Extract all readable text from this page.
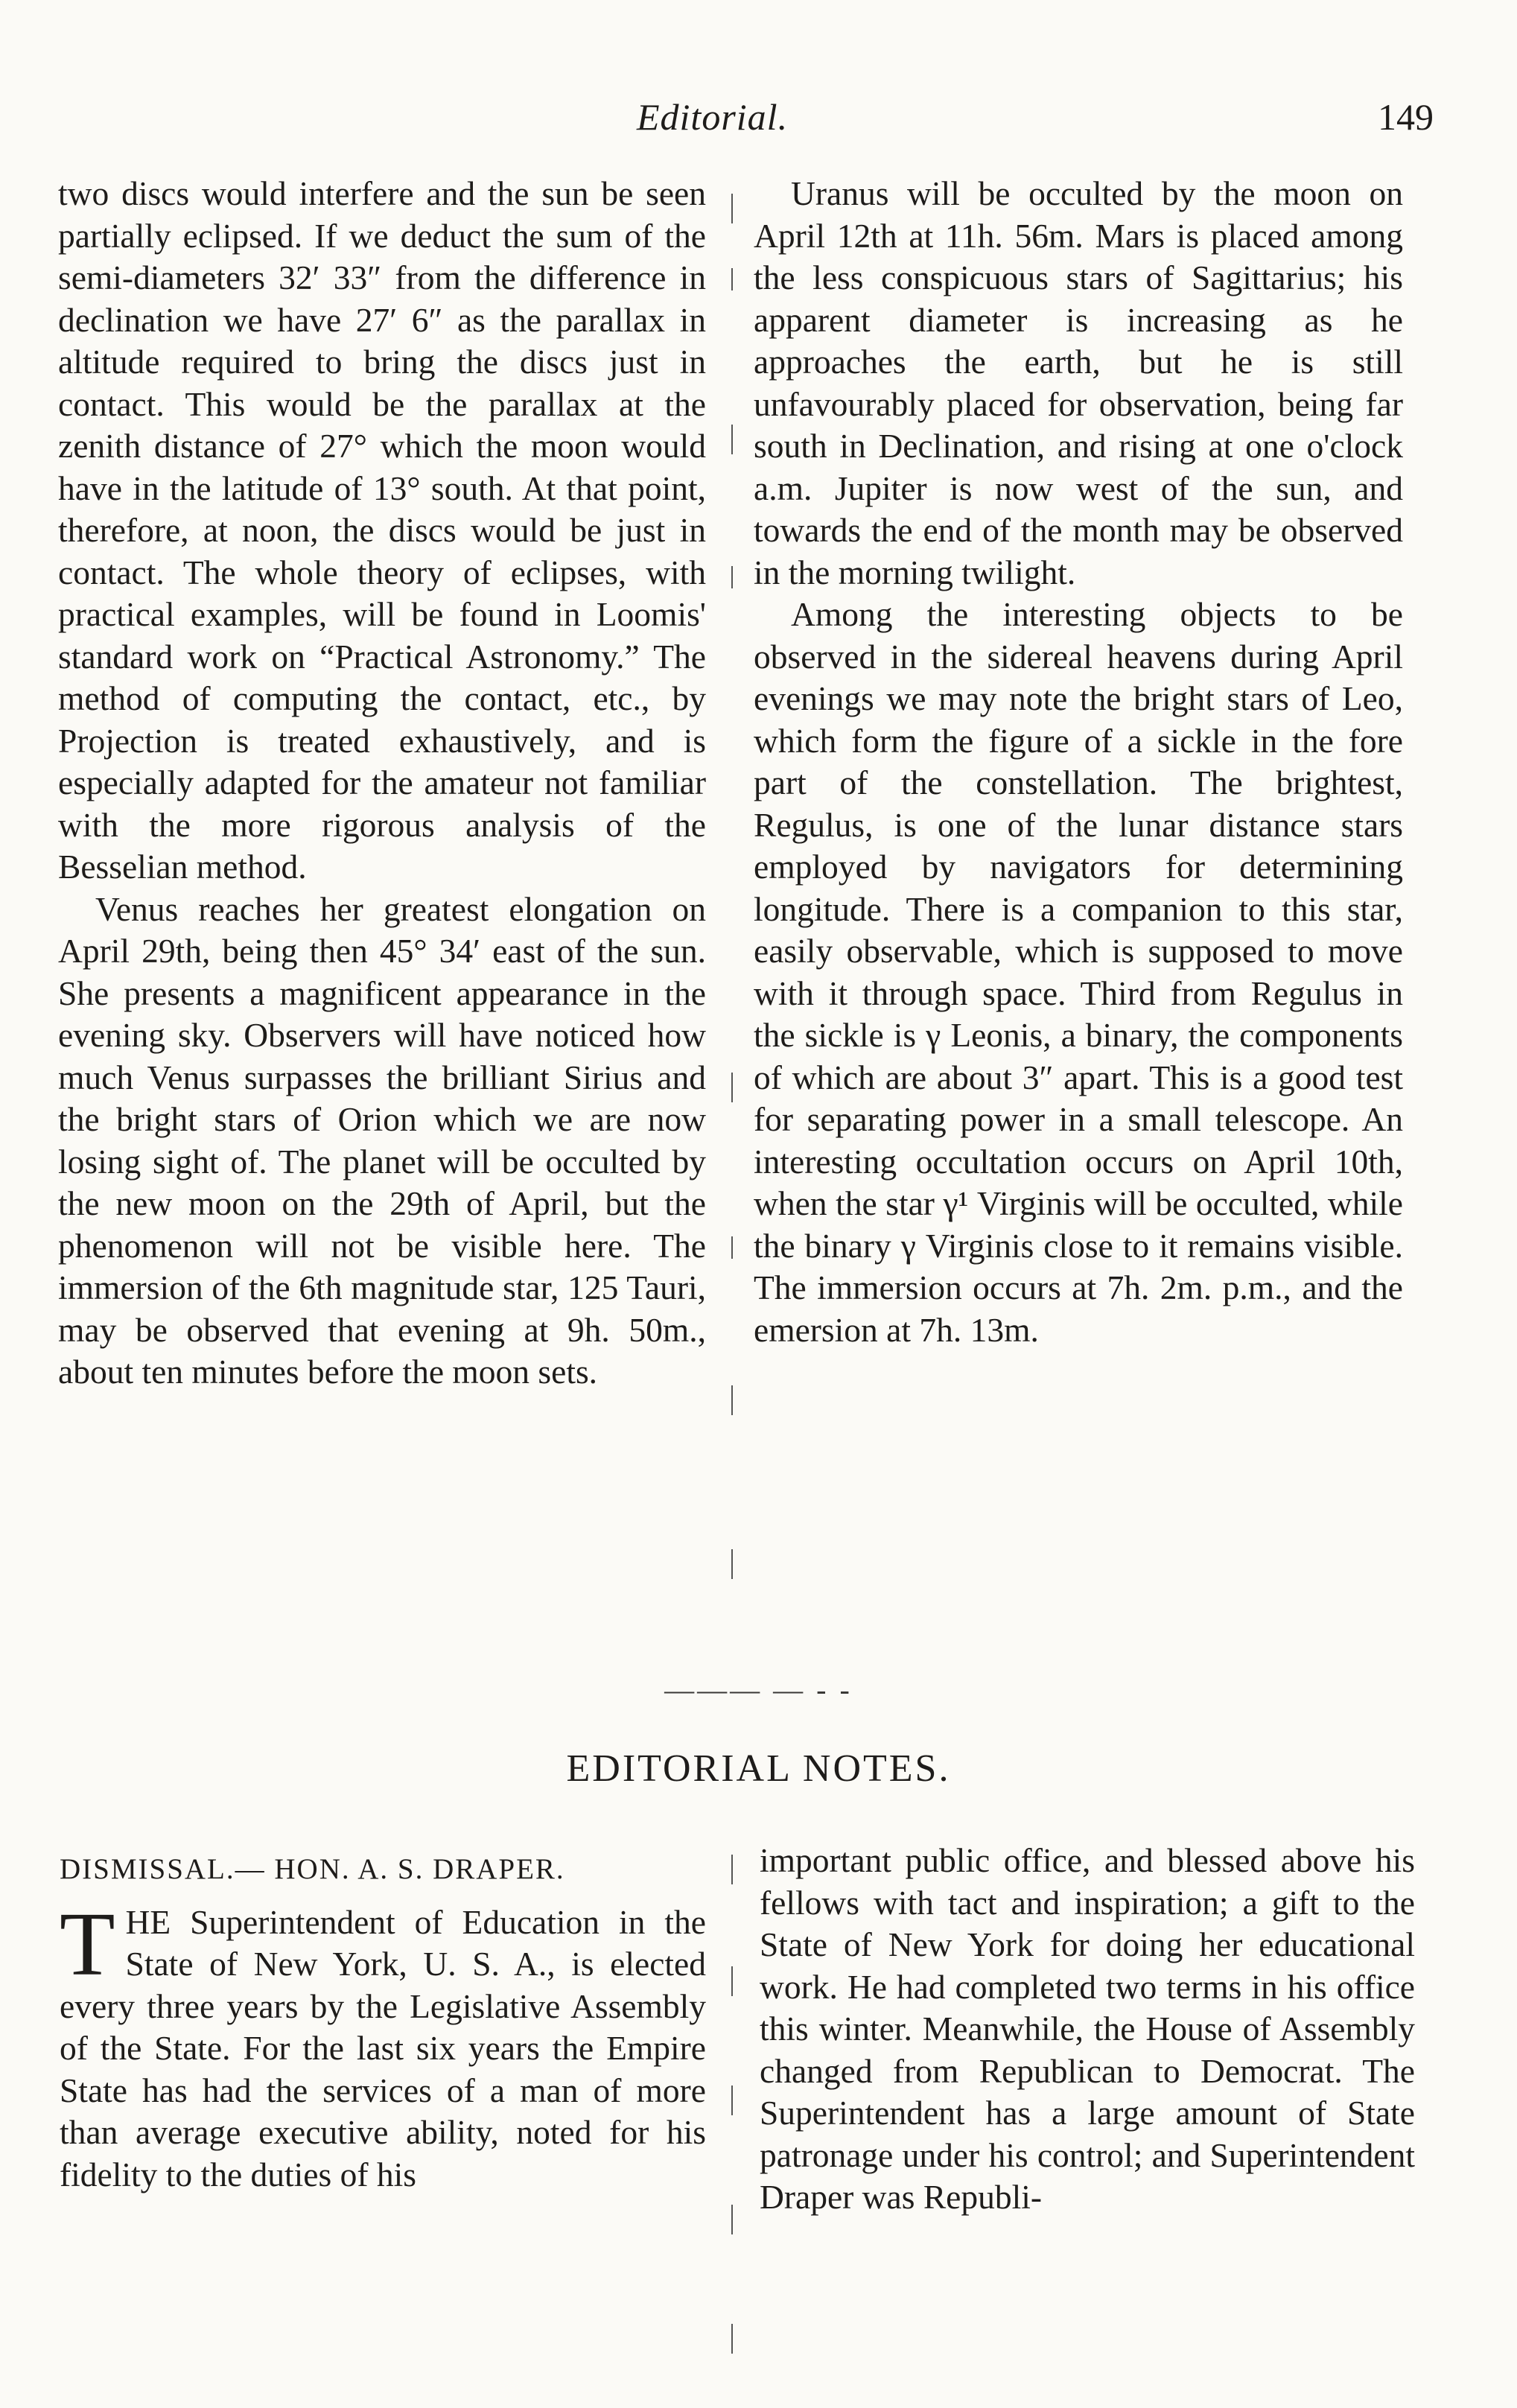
Editorial.	149

two discs would interfere and the sun be seen partially eclipsed. If we deduct the sum of the semi-diameters 32′ 33″ from the difference in declination we have 27′ 6″ as the parallax in altitude required to bring the discs just in contact. This would be the parallax at the zenith distance of 27° which the moon would have in the latitude of 13° south. At that point, therefore, at noon, the discs would be just in contact. The whole theory of eclipses, with practical examples, will be found in Loomis' standard work on “Practical Astronomy.” The method of computing the contact, etc., by Projection is treated exhaustively, and is especially adapted for the amateur not familiar with the more rigorous analysis of the Besselian method.

Venus reaches her greatest elongation on April 29th, being then 45° 34′ east of the sun. She presents a magnificent appearance in the evening sky. Observers will have noticed how much Venus surpasses the brilliant Sirius and the bright stars of Orion which we are now losing sight of. The planet will be occulted by the new moon on the 29th of April, but the phenomenon will not be visible here. The immersion of the 6th magnitude star, 125 Tauri, may be observed that evening at 9h. 50m., about ten minutes before the moon sets.

Uranus will be occulted by the moon on April 12th at 11h. 56m. Mars is placed among the less conspicuous stars of Sagittarius; his apparent diameter is increasing as he approaches the earth, but he is still unfavourably placed for observation, being far south in Declination, and rising at one o'clock a.m. Jupiter is now west of the sun, and towards the end of the month may be observed in the morning twilight.

Among the interesting objects to be observed in the sidereal heavens during April evenings we may note the bright stars of Leo, which form the figure of a sickle in the fore part of the constellation. The brightest, Regulus, is one of the lunar distance stars employed by navigators for determining longitude. There is a companion to this star, easily observable, which is supposed to move with it through space. Third from Regulus in the sickle is γ Leonis, a binary, the components of which are about 3″ apart. This is a good test for separating power in a small telescope. An interesting occultation occurs on April 10th, when the star γ¹ Virginis will be occulted, while the binary γ Virginis close to it remains visible. The immersion occurs at 7h. 2m. p.m., and the emersion at 7h. 13m.

——— — - -
EDITORIAL NOTES.

DISMISSAL.— HON. A. S. DRAPER.

THE Superintendent of Education in the State of New York, U. S. A., is elected every three years by the Legislative Assembly of the State. For the last six years the Empire State has had the services of a man of more than average executive ability, noted for his fidelity to the duties of his

important public office, and blessed above his fellows with tact and inspiration; a gift to the State of New York for doing her educational work. He had completed two terms in his office this winter. Meanwhile, the House of Assembly changed from Republican to Democrat. The Superintendent has a large amount of State patronage under his control; and Superintendent Draper was Republi-
